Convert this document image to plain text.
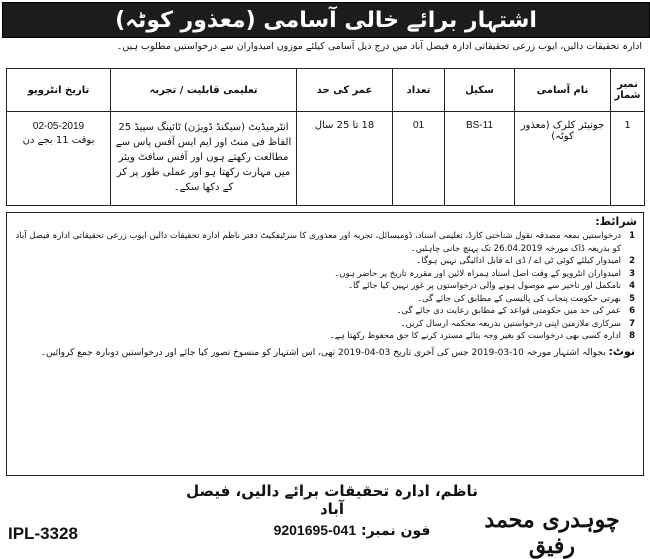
اشتہار برائے خالی آسامی (معذور کوٹہ)
ادارہ تحقیقات دالیں، ایوب زرعی تحقیقاتی ادارہ فیصل آباد میں درج ذیل آسامی کیلئے موزوں امیدواران سے درخواستیں مطلوب ہیں۔
نمبر شمار	نام آسامی	سکیل	تعداد	عمر کی حد	تعلیمی قابلیت / تجربہ	تاریخ انٹرویو
1	جونیئر کلرک (معذور کوٹہ)	BS-11	01	18 تا 25 سال	انٹرمیڈیٹ (سیکنڈ ڈویژن) ٹائپنگ سپیڈ 25 الفاظ فی منٹ اور ایم ایس آفس پاس سے مطالعت رکھتے ہوں اور آفس سافٹ ویئر میں مہارت رکھتا ہو اور عملی طور پر کر کے دکھا سکے۔	02-05-2019
بوقت 11 بجے دن
شرائط:
1
درخواستیں بمعہ مصدقہ نقول شناختی کارڈ، تعلیمی اسناد، ڈومیسائل، تجربہ اور معذوری کا سرٹیفکیٹ دفتر ناظم ادارہ تحقیقات دالیں ایوب زرعی تحقیقاتی ادارہ فیصل آباد کو بذریعہ ڈاک مورخہ 26.04.2019 تک پہنچ جانی چاہئیں۔
2
امیدوار کیلئے کوئی ٹی اے / ڈی اے قابل ادائیگی نہیں ہوگا۔
3
امیدواران انٹرویو کے وقت اصل اسناد ہمراہ لائیں اور مقررہ تاریخ پر حاضر ہوں۔
4
نامکمل اور تاخیر سے موصول ہونے والی درخواستوں پر غور نہیں کیا جائے گا۔
5
بھرتی حکومت پنجاب کی پالیسی کے مطابق کی جائے گی۔
6
عمر کی حد میں حکومتی قواعد کے مطابق رعایت دی جائے گی۔
7
سرکاری ملازمین اپنی درخواستیں بذریعہ محکمہ ارسال کریں۔
8
ادارہ کسی بھی درخواست کو بغیر وجہ بتائے مسترد کرنے کا حق محفوظ رکھتا ہے۔
نوٹ: بحوالہ اشتہار مورخہ 10-03-2019 جس کی آخری تاریخ 03-04-2019 تھی، اس اشتہار کو منسوخ تصور کیا جائے اور درخواستیں دوبارہ جمع کروائیں۔
ناظم، ادارہ تحقیقات برائے دالیں، فیصل آباد	چوہدری محمد رفیق
فون نمبر: 041-9201695
IPL-3328
